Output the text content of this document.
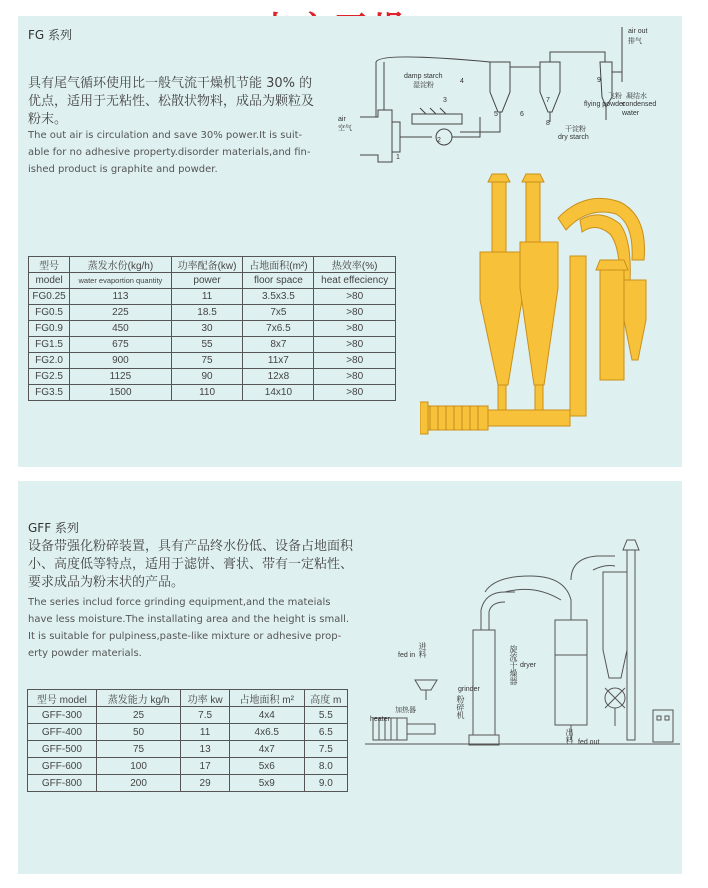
FG 系列
具有尾气循环使用比一般气流干燥机节能 30% 的
优点，适用于无粘性、松散状物料，成品为颗粒及
粉末。
The out air is circulation and save 30% power.It is suit-
able for no adhesive property.disorder materials,and fin-
ished product is graphite and powder.
2
air out
排气
damp starch
湿淀粉
air
空气
飞粉
flying powder
凝结水
condensed
water
干淀粉
dry starch
1
3
4
5	6
7
8
9
型号	蒸发水份(kg/h)	功率配备(kw)	占地面积(m²)	热效率(%)
model	water evaportion quantity	power	floor space	heat effeciency
FG0.25	113	11	3.5x3.5	>80
FG0.5	225	18.5	7x5	>80
FG0.9	450	30	7x6.5	>80
FG1.5	675	55	8x7	>80
FG2.0	900	75	11x7	>80
FG2.5	1125	90	12x8	>80
FG3.5	1500	110	14x10	>80
GFF 系列
设备带强化粉碎装置，具有产品终水份低、设备占地面积
小、高度低等特点，适用于滤饼、膏状、带有一定粘性、
要求成品为粉末状的产品。
The series includ force grinding equipment,and the mateials
have less moisture.The installating area and the height is small.
It is suitable for pulpiness,paste-like mixture or adhesive prop-
erty powder materials.	fed in 进料
heater
加热器
grinder
粉碎机
旋流干燥器 dryer
出料 fed out
型号 model	蒸发能力 kg/h	功率 kw	占地面积 m²	高度 m
GFF-300	25	7.5	4x4	5.5
GFF-400	50	11	4x6.5	6.5
GFF-500	75	13	4x7	7.5
GFF-600	100	17	5x6	8.0
GFF-800	200	29	5x9	9.0
